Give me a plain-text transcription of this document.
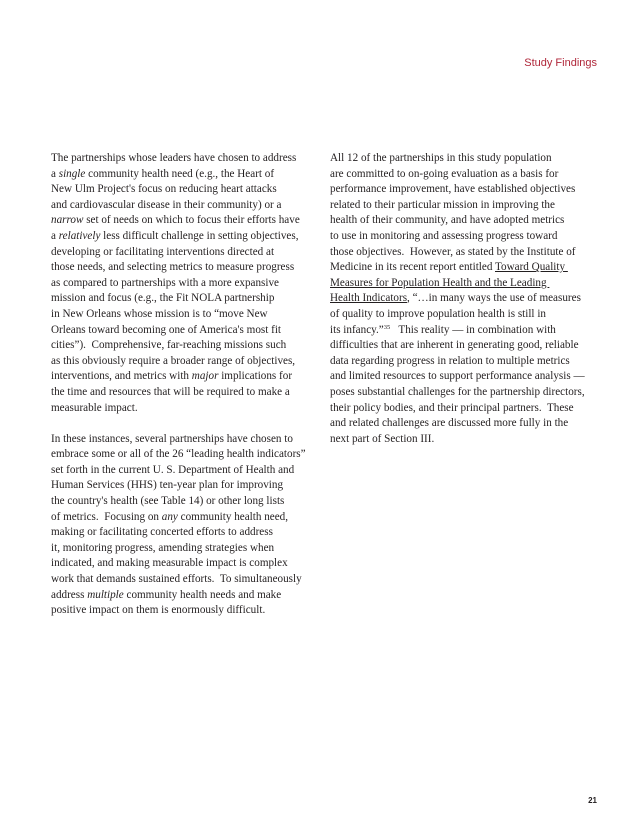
Study Findings
The partnerships whose leaders have chosen to address
a single community health need (e.g., the Heart of
New Ulm Project's focus on reducing heart attacks
and cardiovascular disease in their community) or a
narrow set of needs on which to focus their efforts have
a relatively less difficult challenge in setting objectives,
developing or facilitating interventions directed at
those needs, and selecting metrics to measure progress
as compared to partnerships with a more expansive
mission and focus (e.g., the Fit NOLA partnership
in New Orleans whose mission is to “move New
Orleans toward becoming one of America's most fit
cities”).  Comprehensive, far-reaching missions such
as this obviously require a broader range of objectives,
interventions, and metrics with major implications for
the time and resources that will be required to make a
measurable impact.
In these instances, several partnerships have chosen to
embrace some or all of the 26 “leading health indicators”
set forth in the current U. S. Department of Health and
Human Services (HHS) ten-year plan for improving
the country's health (see Table 14) or other long lists
of metrics.  Focusing on any community health need,
making or facilitating concerted efforts to address
it, monitoring progress, amending strategies when
indicated, and making measurable impact is complex
work that demands sustained efforts.  To simultaneously
address multiple community health needs and make
positive impact on them is enormously difficult.
All 12 of the partnerships in this study population
are committed to on-going evaluation as a basis for
performance improvement, have established objectives
related to their particular mission in improving the
health of their community, and have adopted metrics
to use in monitoring and assessing progress toward
those objectives.  However, as stated by the Institute of
Medicine in its recent report entitled Toward Quality
Measures for Population Health and the Leading
Health Indicators, “…in many ways the use of measures
of quality to improve population health is still in
its infancy.”$^{35}$   This reality — in combination with
difficulties that are inherent in generating good, reliable
data regarding progress in relation to multiple metrics
and limited resources to support performance analysis —
poses substantial challenges for the partnership directors,
their policy bodies, and their principal partners.  These
and related challenges are discussed more fully in the
next part of Section III.
21
